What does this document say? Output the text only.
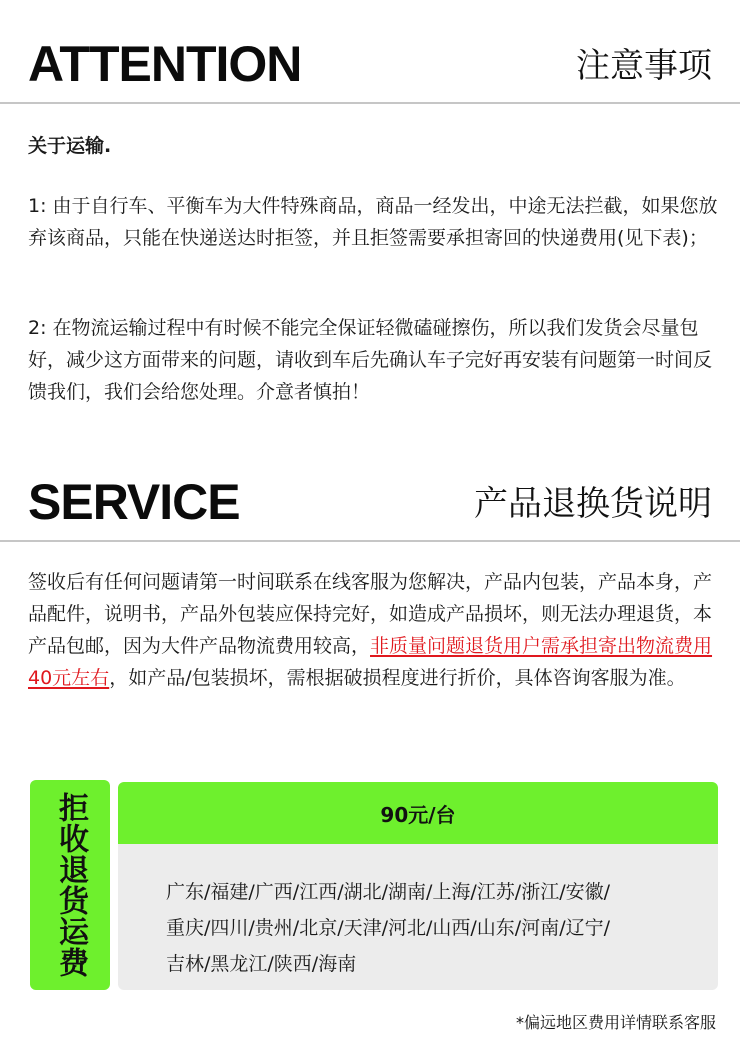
ATTENTION	注意事项
关于运输.
1: 由于自行车、平衡车为大件特殊商品，商品一经发出，中途无法拦截，如果您放弃该商品，只能在快递送达时拒签，并且拒签需要承担寄回的快递费用(见下表)；
2: 在物流运输过程中有时候不能完全保证轻微磕碰擦伤，所以我们发货会尽量包好，减少这方面带来的问题，请收到车后先确认车子完好再安装有问题第一时间反馈我们，我们会给您处理。介意者慎拍！
SERVICE	产品退换货说明
签收后有任何问题请第一时间联系在线客服为您解决，产品内包装，产品本身，产品配件，说明书，产品外包装应保持完好，如造成产品损坏，则无法办理退货，本产品包邮，因为大件产品物流费用较高，非质量问题退货用户需承担寄出物流费用40元左右，如产品/包装损坏，需根据破损程度进行折价，具体咨询客服为准。
拒收退货运费	90元/台
广东/福建/广西/江西/湖北/湖南/上海/江苏/浙江/安徽/
重庆/四川/贵州/北京/天津/河北/山西/山东/河南/辽宁/
吉林/黑龙江/陕西/海南
*偏远地区费用详情联系客服
